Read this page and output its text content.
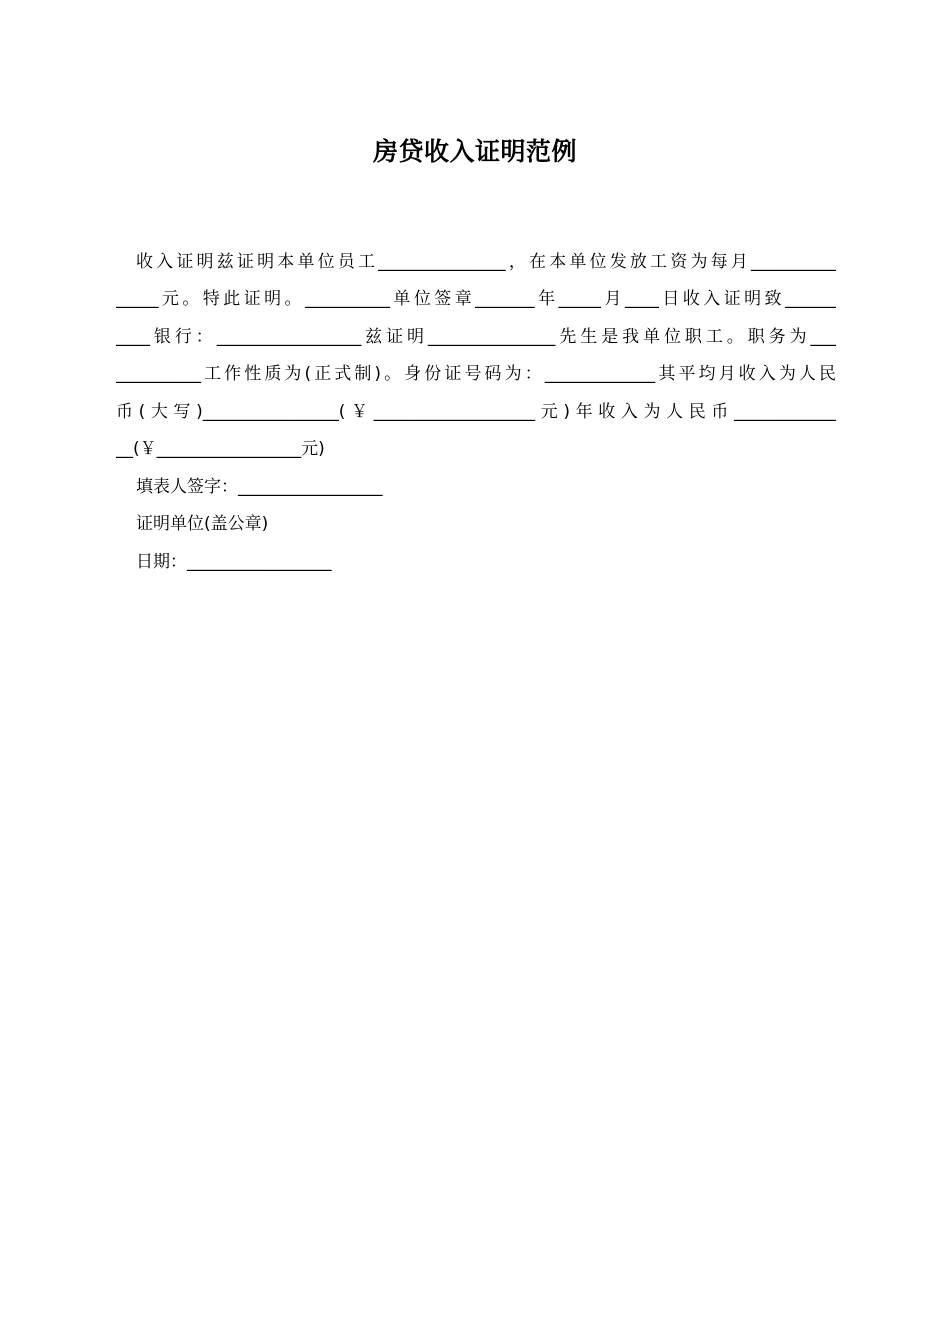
房贷收入证明范例
收入证明兹证明本单位员工_______________，在本单位发放工资为每月__________
_____元。特此证明。__________单位签章_______年_____月____日收入证明致______
____银行：_________________兹证明_______________先生是我单位职工。职务为___
__________工作性质为(正式制)。身份证号码为：_____________其平均月收入为人民
币(大写)________________(￥___________________元)年收入为人民币____________
__(￥_________________元)
填表人签字：_________________
证明单位(盖公章)
日期：_________________
